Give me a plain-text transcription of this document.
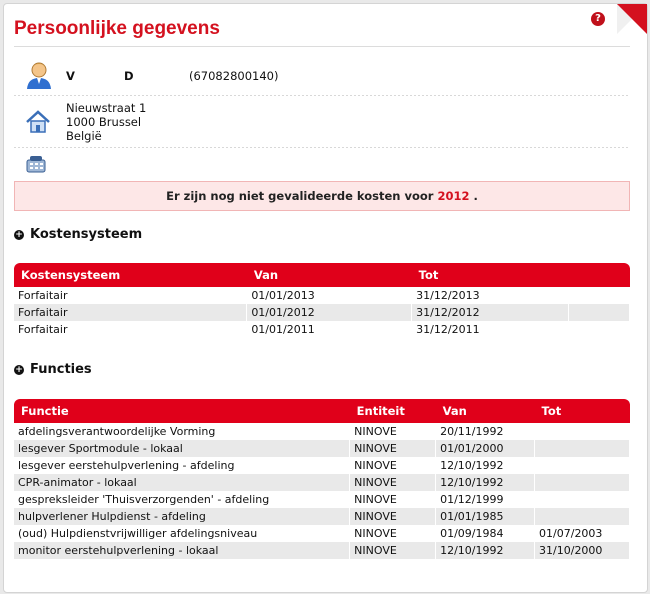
?
Persoonlijke gegevens
V	D	(67082800140)
Nieuwstraat 1
1000 Brussel
België
Er zijn nog niet gevalideerde kosten voor 2012 .
+ Kostensysteem
Kostensysteem	Van	Tot	
Forfaitair	01/01/2013	31/12/2013	
Forfaitair	01/01/2012	31/12/2012	
Forfaitair	01/01/2011	31/12/2011	
+ Functies
Functie	Entiteit	Van	Tot
afdelingsverantwoordelijke Vorming	NINOVE	20/11/1992	
lesgever Sportmodule - lokaal	NINOVE	01/01/2000	
lesgever eerstehulpverlening - afdeling	NINOVE	12/10/1992	
CPR-animator - lokaal	NINOVE	12/10/1992	
gespreksleider 'Thuisverzorgenden' - afdeling	NINOVE	01/12/1999	
hulpverlener Hulpdienst - afdeling	NINOVE	01/01/1985	
(oud) Hulpdienstvrijwilliger afdelingsniveau	NINOVE	01/09/1984	01/07/2003
monitor eerstehulpverlening - lokaal	NINOVE	12/10/1992	31/10/2000
